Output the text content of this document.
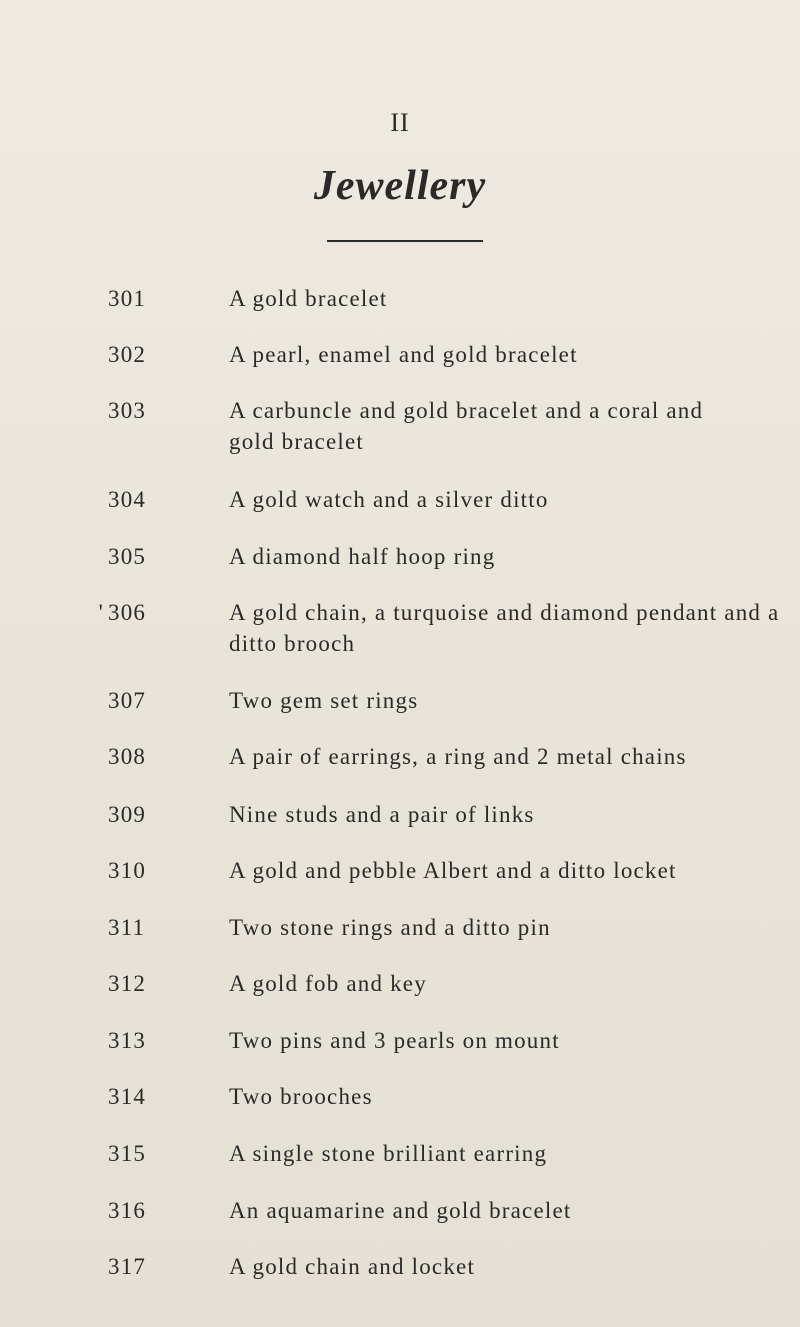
II
Jewellery
301	A gold bracelet
302	A pearl, enamel and gold bracelet
303	A carbuncle and gold bracelet and a coral and gold bracelet
304	A gold watch and a silver ditto
305	A diamond half hoop ring
' 306	A gold chain, a turquoise and diamond pendant and a ditto brooch
307	Two gem set rings
308	A pair of earrings, a ring and 2 metal chains
309	Nine studs and a pair of links
310	A gold and pebble Albert and a ditto locket
311	Two stone rings and a ditto pin
312	A gold fob and key
313	Two pins and 3 pearls on mount
314	Two brooches
315	A single stone brilliant earring
316	An aquamarine and gold bracelet
317	A gold chain and locket
